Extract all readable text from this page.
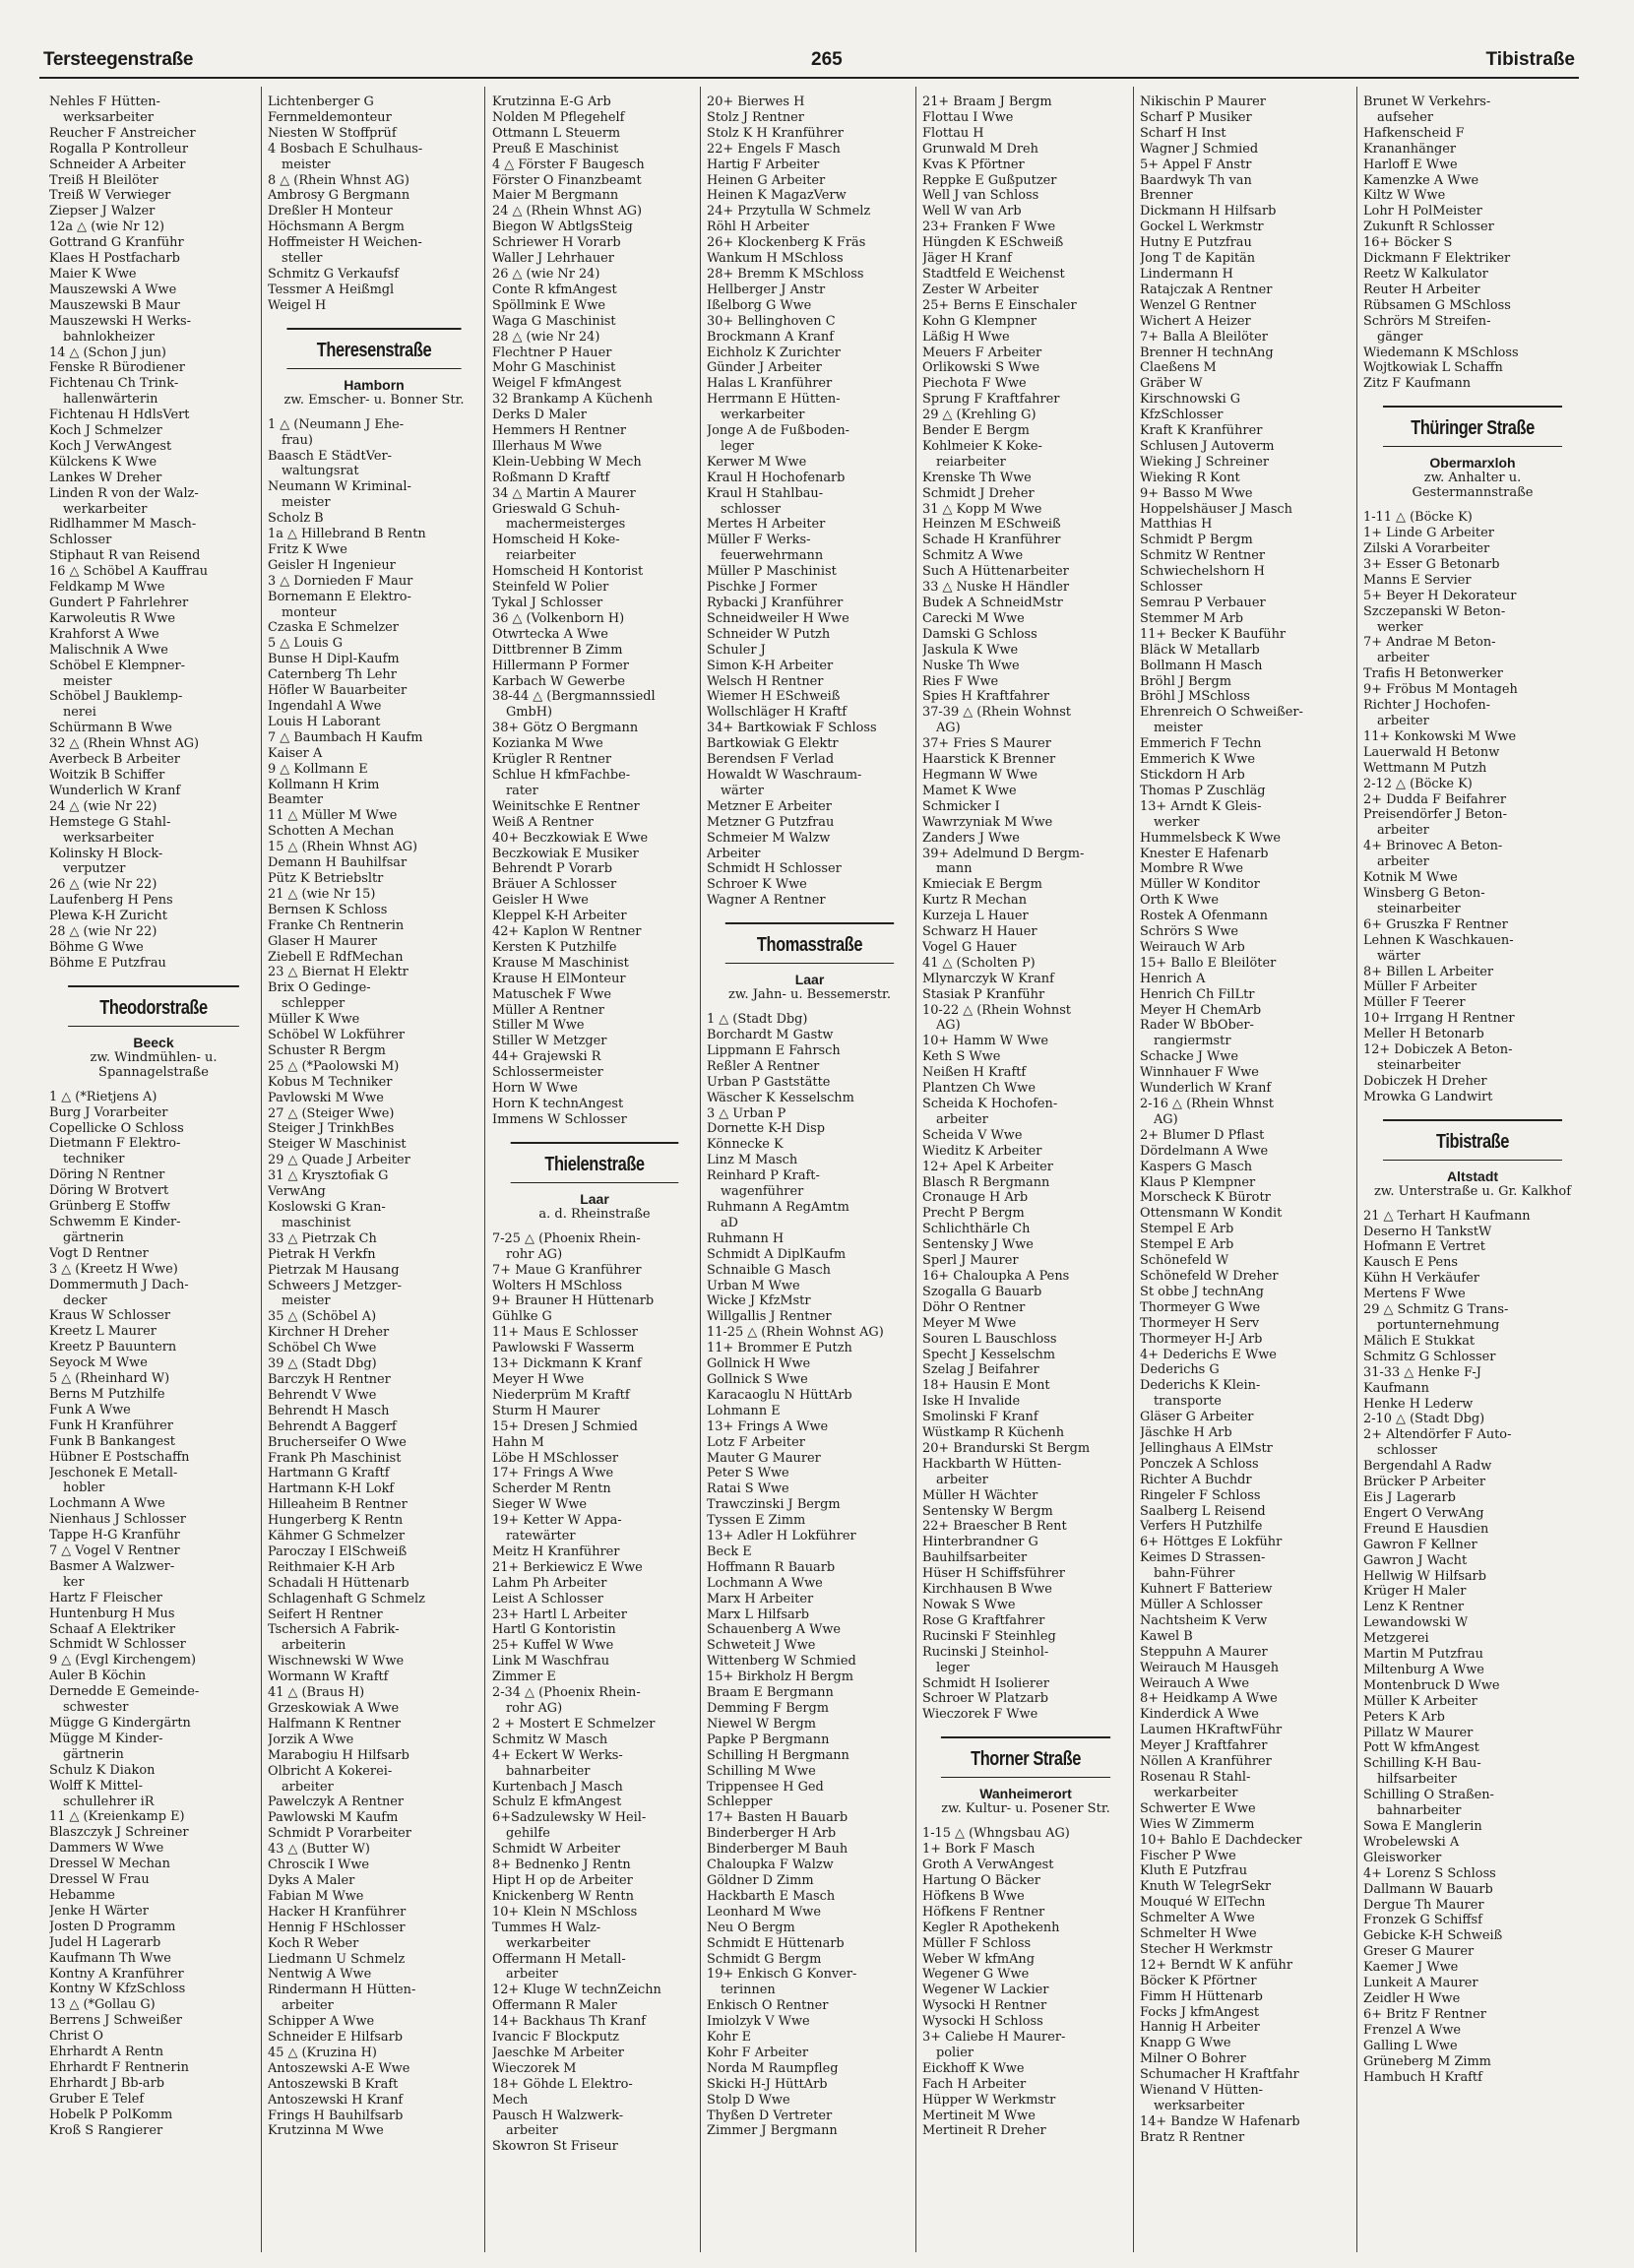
Tersteegenstraße	265	Tibistraße
Nehles F Hütten-
werksarbeiter
Reucher F Anstreicher
Rogalla P Kontrolleur
Schneider A Arbeiter
Treiß H Bleilöter
Treiß W Verwieger
Ziepser J Walzer
12a △ (wie Nr 12)
Gottrand G Kranführ
Klaes H Postfacharb
Maier K Wwe
Mauszewski A Wwe
Mauszewski B Maur
Mauszewski H Werks-
bahnlokheizer
14 △ (Schon J jun)
Fenske R Bürodiener
Fichtenau Ch Trink-
hallenwärterin
Fichtenau H HdlsVert
Koch J Schmelzer
Koch J VerwAngest
Külckens K Wwe
Lankes W Dreher
Linden R von der Walz-
werkarbeiter
Ridlhammer M Masch-
Schlosser
Stiphaut R van Reisend
16 △ Schöbel A Kauffrau
Feldkamp M Wwe
Gundert P Fahrlehrer
Karwoleutis R Wwe
Krahforst A Wwe
Malischnik A Wwe
Schöbel E Klempner-
meister
Schöbel J Bauklemp-
nerei
Schürmann B Wwe
32 △ (Rhein Whnst AG)
Averbeck B Arbeiter
Woitzik B Schiffer
Wunderlich W Kranf
24 △ (wie Nr 22)
Hemstege G Stahl-
werksarbeiter
Kolinsky H Block-
verputzer
26 △ (wie Nr 22)
Laufenberg H Pens
Plewa K-H Zuricht
28 △ (wie Nr 22)
Böhme G Wwe
Böhme E Putzfrau
Theodorstraße
Beeck
zw. Windmühlen- u. Spannagelstraße
1 △ (*Rietjens A)
Burg J Vorarbeiter
Copellicke O Schloss
Dietmann F Elektro-
techniker
Döring N Rentner
Döring W Brotvert
Grünberg E Stoffw
Schwemm E Kinder-
gärtnerin
Vogt D Rentner
3 △ (Kreetz H Wwe)
Dommermuth J Dach-
decker
Kraus W Schlosser
Kreetz L Maurer
Kreetz P Bauuntern
Seyock M Wwe
5 △ (Rheinhard W)
Berns M Putzhilfe
Funk A Wwe
Funk H Kranführer
Funk B Bankangest
Hübner E Postschaffn
Jeschonek E Metall-
hobler
Lochmann A Wwe
Nienhaus J Schlosser
Tappe H-G Kranführ
7 △ Vogel V Rentner
Basmer A Walzwer-
ker
Hartz F Fleischer
Huntenburg H Mus
Schaaf A Elektriker
Schmidt W Schlosser
9 △ (Evgl Kirchengem)
Auler B Köchin
Dernedde E Gemeinde-
schwester
Mügge G Kindergärtn
Mügge M Kinder-
gärtnerin
Schulz K Diakon
Wolff K Mittel-
schullehrer iR
11 △ (Kreienkamp E)
Blaszczyk J Schreiner
Dammers W Wwe
Dressel W Mechan
Dressel W Frau
Hebamme
Jenke H Wärter
Josten D Programm
Judel H Lagerarb
Kaufmann Th Wwe
Kontny A Kranführer
Kontny W KfzSchloss
13 △ (*Gollau G)
Berrens J Schweißer
Christ O
Ehrhardt A Rentn
Ehrhardt F Rentnerin
Ehrhardt J Bb-arb
Gruber E Telef
Hobelk P PolKomm
Kroß S Rangierer
Lichtenberger G
Fernmeldemonteur
Niesten W Stoffprüf
4 Bosbach E Schulhaus-
meister
8 △ (Rhein Whnst AG)
Ambrosy G Bergmann
Dreßler H Monteur
Höchsmann A Bergm
Hoffmeister H Weichen-
steller
Schmitz G Verkaufsf
Tessmer A Heißmgl
Weigel H
Theresenstraße
Hamborn
zw. Emscher- u. Bonner Str.
1 △ (Neumann J Ehe-
frau)
Baasch E StädtVer-
waltungsrat
Neumann W Kriminal-
meister
Scholz B
1a △ Hillebrand B Rentn
Fritz K Wwe
Geisler H Ingenieur
3 △ Dornieden F Maur
Bornemann E Elektro-
monteur
Czaska E Schmelzer
5 △ Louis G
Bunse H Dipl-Kaufm
Caternberg Th Lehr
Höfler W Bauarbeiter
Ingendahl A Wwe
Louis H Laborant
7 △ Baumbach H Kaufm
Kaiser A
9 △ Kollmann E
Kollmann H Krim
Beamter
11 △ Müller M Wwe
Schotten A Mechan
15 △ (Rhein Whnst AG)
Demann H Bauhilfsar
Pütz K Betriebsltr
21 △ (wie Nr 15)
Bernsen K Schloss
Franke Ch Rentnerin
Glaser H Maurer
Ziebell E RdfMechan
23 △ Biernat H Elektr
Brix O Gedinge-
schlepper
Müller K Wwe
Schöbel W Lokführer
Schuster R Bergm
25 △ (*Paolowski M)
Kobus M Techniker
Pavlowski M Wwe
27 △ (Steiger Wwe)
Steiger J TrinkhBes
Steiger W Maschinist
29 △ Quade J Arbeiter
31 △ Krysztofiak G
VerwAng
Koslowski G Kran-
maschinist
33 △ Pietrzak Ch
Pietrak H Verkfn
Pietrzak M Hausang
Schweers J Metzger-
meister
35 △ (Schöbel A)
Kirchner H Dreher
Schöbel Ch Wwe
39 △ (Stadt Dbg)
Barczyk H Rentner
Behrendt V Wwe
Behrendt H Masch
Behrendt A Baggerf
Brucherseifer O Wwe
Frank Ph Maschinist
Hartmann G Kraftf
Hartmann K-H Lokf
Hilleaheim B Rentner
Hungerberg K Rentn
Kähmer G Schmelzer
Paroczay I ElSchweiß
Reithmaier K-H Arb
Schadali H Hüttenarb
Schlagenhaft G Schmelz
Seifert H Rentner
Tschersich A Fabrik-
arbeiterin
Wischnewski W Wwe
Wormann W Kraftf
41 △ (Braus H)
Grzeskowiak A Wwe
Halfmann K Rentner
Jorzik A Wwe
Marabogiu H Hilfsarb
Olbricht A Kokerei-
arbeiter
Pawelczyk A Rentner
Pawlowski M Kaufm
Schmidt P Vorarbeiter
43 △ (Butter W)
Chroscik I Wwe
Dyks A Maler
Fabian M Wwe
Hacker H Kranführer
Hennig F HSchlosser
Koch R Weber
Liedmann U Schmelz
Nentwig A Wwe
Rindermann H Hütten-
arbeiter
Schipper A Wwe
Schneider E Hilfsarb
45 △ (Kruzina H)
Antoszewski A-E Wwe
Antoszewski B Kraft
Antoszewski H Kranf
Frings H Bauhilfsarb
Krutzinna M Wwe
Krutzinna E-G Arb
Nolden M Pflegehelf
Ottmann L Steuerm
Preuß E Maschinist
4 △ Förster F Baugesch
Förster O Finanzbeamt
Maier M Bergmann
24 △ (Rhein Whnst AG)
Biegon W AbtlgsSteig
Schriewer H Vorarb
Waller J Lehrhauer
26 △ (wie Nr 24)
Conte R kfmAngest
Spöllmink E Wwe
Waga G Maschinist
28 △ (wie Nr 24)
Flechtner P Hauer
Mohr G Maschinist
Weigel F kfmAngest
32 Brankamp A Küchenh
Derks D Maler
Hemmers H Rentner
Illerhaus M Wwe
Klein-Uebbing W Mech
Roßmann D Kraftf
34 △ Martin A Maurer
Grieswald G Schuh-
machermeisterges
Homscheid H Koke-
reiarbeiter
Homscheid H Kontorist
Steinfeld W Polier
Tykal J Schlosser
36 △ (Volkenborn H)
Otwrtecka A Wwe
Dittbrenner B Zimm
Hillermann P Former
Karbach W Gewerbe
38-44 △ (Bergmannssiedl
GmbH)
38+ Götz O Bergmann
Kozianka M Wwe
Krügler R Rentner
Schlue H kfmFachbe-
rater
Weinitschke E Rentner
Weiß A Rentner
40+ Beczkowiak E Wwe
Beczkowiak E Musiker
Behrendt P Vorarb
Bräuer A Schlosser
Geisler H Wwe
Kleppel K-H Arbeiter
42+ Kaplon W Rentner
Kersten K Putzhilfe
Krause M Maschinist
Krause H ElMonteur
Matuschek F Wwe
Müller A Rentner
Stiller M Wwe
Stiller W Metzger
44+ Grajewski R
Schlossermeister
Horn W Wwe
Horn K technAngest
Immens W Schlosser
Thielenstraße
Laar
a. d. Rheinstraße
7-25 △ (Phoenix Rhein-
rohr AG)
7+ Maue G Kranführer
Wolters H MSchloss
9+ Brauner H Hüttenarb
Gühlke G
11+ Maus E Schlosser
Pawlowski F Wasserm
13+ Dickmann K Kranf
Meyer H Wwe
Niederprüm M Kraftf
Sturm H Maurer
15+ Dresen J Schmied
Hahn M
Löbe H MSchlosser
17+ Frings A Wwe
Scherder M Rentn
Sieger W Wwe
19+ Ketter W Appa-
ratewärter
Meitz H Kranführer
21+ Berkiewicz E Wwe
Lahm Ph Arbeiter
Leist A Schlosser
23+ Hartl L Arbeiter
Hartl G Kontoristin
25+ Kuffel W Wwe
Link M Waschfrau
Zimmer E
2-34 △ (Phoenix Rhein-
rohr AG)
2 + Mostert E Schmelzer
Schmitz W Masch
4+ Eckert W Werks-
bahnarbeiter
Kurtenbach J Masch
Schulz E kfmAngest
6+Sadzulewsky W Heil-
gehilfe
Schmidt W Arbeiter
8+ Bednenko J Rentn
Hipt H op de Arbeiter
Knickenberg W Rentn
10+ Klein N MSchloss
Tummes H Walz-
werkarbeiter
Offermann H Metall-
arbeiter
12+ Kluge W technZeichn
Offermann R Maler
14+ Backhaus Th Kranf
Ivancic F Blockputz
Jaeschke M Arbeiter
Wieczorek M
18+ Göhde L Elektro-
Mech
Pausch H Walzwerk-
arbeiter
Skowron St Friseur
20+ Bierwes H
Stolz J Rentner
Stolz K H Kranführer
22+ Engels F Masch
Hartig F Arbeiter
Heinen G Arbeiter
Heinen K MagazVerw
24+ Przytulla W Schmelz
Röhl H Arbeiter
26+ Klockenberg K Fräs
Wankum H MSchloss
28+ Bremm K MSchloss
Hellberger J Anstr
Ißelborg G Wwe
30+ Bellinghoven C
Brockmann A Kranf
Eichholz K Zurichter
Günder J Arbeiter
Halas L Kranführer
Herrmann E Hütten-
werkarbeiter
Jonge A de Fußboden-
leger
Kerwer M Wwe
Kraul H Hochofenarb
Kraul H Stahlbau-
schlosser
Mertes H Arbeiter
Müller F Werks-
feuerwehrmann
Müller P Maschinist
Pischke J Former
Rybacki J Kranführer
Schneidweiler H Wwe
Schneider W Putzh
Schuler J
Simon K-H Arbeiter
Welsch H Rentner
Wiemer H ESchweiß
Wollschläger H Kraftf
34+ Bartkowiak F Schloss
Bartkowiak G Elektr
Berendsen F Verlad
Howaldt W Waschraum-
wärter
Metzner E Arbeiter
Metzner G Putzfrau
Schmeier M Walzw
Arbeiter
Schmidt H Schlosser
Schroer K Wwe
Wagner A Rentner
Thomasstraße
Laar
zw. Jahn- u. Bessemerstr.
1 △ (Stadt Dbg)
Borchardt M Gastw
Lippmann E Fahrsch
Reßler A Rentner
Urban P Gaststätte
Wäscher K Kesselschm
3 △ Urban P
Dornette K-H Disp
Könnecke K
Linz M Masch
Reinhard P Kraft-
wagenführer
Ruhmann A RegAmtm
aD
Ruhmann H
Schmidt A DiplKaufm
Schnaible G Masch
Urban M Wwe
Wicke J KfzMstr
Willgallis J Rentner
11-25 △ (Rhein Wohnst AG)
11+ Brommer E Putzh
Gollnick H Wwe
Gollnick S Wwe
Karacaoglu N HüttArb
Lohmann E
13+ Frings A Wwe
Lotz F Arbeiter
Mauter G Maurer
Peter S Wwe
Ratai S Wwe
Trawczinski J Bergm
Tyssen E Zimm
13+ Adler H Lokführer
Beck E
Hoffmann R Bauarb
Lochmann A Wwe
Marx H Arbeiter
Marx L Hilfsarb
Schauenberg A Wwe
Schweteit J Wwe
Wittenberg W Schmied
15+ Birkholz H Bergm
Braam E Bergmann
Demming F Bergm
Niewel W Bergm
Papke P Bergmann
Schilling H Bergmann
Schilling M Wwe
Trippensee H Ged
Schlepper
17+ Basten H Bauarb
Binderberger H Arb
Binderberger M Bauh
Chaloupka F Walzw
Göldner D Zimm
Hackbarth E Masch
Leonhard M Wwe
Neu O Bergm
Schmidt E Hüttenarb
Schmidt G Bergm
19+ Enkisch G Konver-
terinnen
Enkisch O Rentner
Imiolzyk V Wwe
Kohr E
Kohr F Arbeiter
Norda M Raumpfleg
Skicki H-J HüttArb
Stolp D Wwe
Thyßen D Vertreter
Zimmer J Bergmann
21+ Braam J Bergm
Flottau I Wwe
Flottau H
Grunwald M Dreh
Kvas K Pförtner
Reppke E Gußputzer
Well J van Schloss
Well W van Arb
23+ Franken F Wwe
Hüngden K ESchweiß
Jäger H Kranf
Stadtfeld E Weichenst
Zester W Arbeiter
25+ Berns E Einschaler
Kohn G Klempner
Läßig H Wwe
Meuers F Arbeiter
Orlikowski S Wwe
Piechota F Wwe
Sprung F Kraftfahrer
29 △ (Krehling G)
Bender E Bergm
Kohlmeier K Koke-
reiarbeiter
Krenske Th Wwe
Schmidt J Dreher
31 △ Kopp M Wwe
Heinzen M ESchweiß
Schade H Kranführer
Schmitz A Wwe
Such A Hüttenarbeiter
33 △ Nuske H Händler
Budek A SchneidMstr
Carecki M Wwe
Damski G Schloss
Jaskula K Wwe
Nuske Th Wwe
Ries F Wwe
Spies H Kraftfahrer
37-39 △ (Rhein Wohnst
AG)
37+ Fries S Maurer
Haarstick K Brenner
Hegmann W Wwe
Mamet K Wwe
Schmicker I
Wawrzyniak M Wwe
Zanders J Wwe
39+ Adelmund D Bergm-
mann
Kmieciak E Bergm
Kurtz R Mechan
Kurzeja L Hauer
Schwarz H Hauer
Vogel G Hauer
41 △ (Scholten P)
Mlynarczyk W Kranf
Stasiak P Kranführ
10-22 △ (Rhein Wohnst
AG)
10+ Hamm W Wwe
Keth S Wwe
Neißen H Kraftf
Plantzen Ch Wwe
Scheida K Hochofen-
arbeiter
Scheida V Wwe
Wieditz K Arbeiter
12+ Apel K Arbeiter
Blasch R Bergmann
Cronauge H Arb
Precht P Bergm
Schlichthärle Ch
Sentensky J Wwe
Sperl J Maurer
16+ Chaloupka A Pens
Szogalla G Bauarb
Döhr O Rentner
Meyer M Wwe
Souren L Bauschloss
Specht J Kesselschm
Szelag J Beifahrer
18+ Hausin E Mont
Iske H Invalide
Smolinski F Kranf
Wüstkamp R Küchenh
20+ Brandurski St Bergm
Hackbarth W Hütten-
arbeiter
Müller H Wächter
Sentensky W Bergm
22+ Braescher B Rent
Hinterbrandner G
Bauhilfsarbeiter
Hüser H Schiffsführer
Kirchhausen B Wwe
Nowak S Wwe
Rose G Kraftfahrer
Rucinski F Steinhleg
Rucinski J Steinhol-
leger
Schmidt H Isolierer
Schroer W Platzarb
Wieczorek F Wwe
Thorner Straße
Wanheimerort
zw. Kultur- u. Posener Str.
1-15 △ (Whngsbau AG)
1+ Bork F Masch
Groth A VerwAngest
Hartung O Bäcker
Höfkens B Wwe
Höfkens F Rentner
Kegler R Apothekenh
Müller F Schloss
Weber W kfmAng
Wegener G Wwe
Wegener W Lackier
Wysocki H Rentner
Wysocki H Schloss
3+ Caliebe H Maurer-
polier
Eickhoff K Wwe
Fach H Arbeiter
Hüpper W Werkmstr
Mertineit M Wwe
Mertineit R Dreher
Nikischin P Maurer
Scharf P Musiker
Scharf H Inst
Wagner J Schmied
5+ Appel F Anstr
Baardwyk Th van
Brenner
Dickmann H Hilfsarb
Gockel L Werkmstr
Hutny E Putzfrau
Jong T de Kapitän
Lindermann H
Ratajczak A Rentner
Wenzel G Rentner
Wichert A Heizer
7+ Balla A Bleilöter
Brenner H technAng
Claeßens M
Gräber W
Kirschnowski G
KfzSchlosser
Kraft K Kranführer
Schlusen J Autoverm
Wieking J Schreiner
Wieking R Kont
9+ Basso M Wwe
Hoppelshäuser J Masch
Matthias H
Schmidt P Bergm
Schmitz W Rentner
Schwiechelshorn H
Schlosser
Semrau P Verbauer
Stemmer M Arb
11+ Becker K Bauführ
Bläck W Metallarb
Bollmann H Masch
Bröhl J Bergm
Bröhl J MSchloss
Ehrenreich O Schweißer-
meister
Emmerich F Techn
Emmerich K Wwe
Stickdorn H Arb
Thomas P Zuschläg
13+ Arndt K Gleis-
werker
Hummelsbeck K Wwe
Knester E Hafenarb
Mombre R Wwe
Müller W Konditor
Orth K Wwe
Rostek A Ofenmann
Schrörs S Wwe
Weirauch W Arb
15+ Ballo E Bleilöter
Henrich A
Henrich Ch FilLtr
Meyer H ChemArb
Rader W BbOber-
rangiermstr
Schacke J Wwe
Winnhauer F Wwe
Wunderlich W Kranf
2-16 △ (Rhein Whnst
AG)
2+ Blumer D Pflast
Dördelmann A Wwe
Kaspers G Masch
Klaus P Klempner
Morscheck K Bürotr
Ottensmann W Kondit
Stempel E Arb
Stempel E Arb
Schönefeld W
Schönefeld W Dreher
St obbe J technAng
Thormeyer G Wwe
Thormeyer H Serv
Thormeyer H-J Arb
4+ Dederichs E Wwe
Dederichs G
Dederichs K Klein-
transporte
Gläser G Arbeiter
Jäschke H Arb
Jellinghaus A ElMstr
Ponczek A Schloss
Richter A Buchdr
Ringeler F Schloss
Saalberg L Reisend
Verfers H Putzhilfe
6+ Höttges E Lokführ
Keimes D Strassen-
bahn-Führer
Kuhnert F Batteriew
Müller A Schlosser
Nachtsheim K Verw
Kawel B
Steppuhn A Maurer
Weirauch M Hausgeh
Weirauch A Wwe
8+ Heidkamp A Wwe
Kinderdick A Wwe
Laumen HKraftwFühr
Meyer J Kraftfahrer
Nöllen A Kranführer
Rosenau R Stahl-
werkarbeiter
Schwerter E Wwe
Wies W Zimmerm
10+ Bahlo E Dachdecker
Fischer P Wwe
Kluth E Putzfrau
Knuth W TelegrSekr
Mouqué W ElTechn
Schmelter A Wwe
Schmelter H Wwe
Stecher H Werkmstr
12+ Berndt W K anführ
Böcker K Pförtner
Fimm H Hüttenarb
Focks J kfmAngest
Hannig H Arbeiter
Knapp G Wwe
Milner O Bohrer
Schumacher H Kraftfahr
Wienand V Hütten-
werksarbeiter
14+ Bandze W Hafenarb
Bratz R Rentner
Brunet W Verkehrs-
aufseher
Hafkenscheid F
Krananhänger
Harloff E Wwe
Kamenzke A Wwe
Kiltz W Wwe
Lohr H PolMeister
Zukunft R Schlosser
16+ Böcker S
Dickmann F Elektriker
Reetz W Kalkulator
Reuter H Arbeiter
Rübsamen G MSchloss
Schrörs M Streifen-
gänger
Wiedemann K MSchloss
Wojtkowiak L Schaffn
Zitz F Kaufmann
Thüringer Straße
Obermarxloh
zw. Anhalter u. Gestermannstraße
1-11 △ (Böcke K)
1+ Linde G Arbeiter
Zilski A Vorarbeiter
3+ Esser G Betonarb
Manns E Servier
5+ Beyer H Dekorateur
Szczepanski W Beton-
werker
7+ Andrae M Beton-
arbeiter
Trafis H Betonwerker
9+ Fröbus M Montageh
Richter J Hochofen-
arbeiter
11+ Konkowski M Wwe
Lauerwald H Betonw
Wettmann M Putzh
2-12 △ (Böcke K)
2+ Dudda F Beifahrer
Preisendörfer J Beton-
arbeiter
4+ Brinovec A Beton-
arbeiter
Kotnik M Wwe
Winsberg G Beton-
steinarbeiter
6+ Gruszka F Rentner
Lehnen K Waschkauen-
wärter
8+ Billen L Arbeiter
Müller F Arbeiter
Müller F Teerer
10+ Irrgang H Rentner
Meller H Betonarb
12+ Dobiczek A Beton-
steinarbeiter
Dobiczek H Dreher
Mrowka G Landwirt
Tibistraße
Altstadt
zw. Unterstraße u. Gr. Kalkhof
21 △ Terhart H Kaufmann
Deserno H TankstW
Hofmann E Vertret
Kausch E Pens
Kühn H Verkäufer
Mertens F Wwe
29 △ Schmitz G Trans-
portunternehmung
Mälich E Stukkat
Schmitz G Schlosser
31-33 △ Henke F-J
Kaufmann
Henke H Lederw
2-10 △ (Stadt Dbg)
2+ Altendörfer F Auto-
schlosser
Bergendahl A Radw
Brücker P Arbeiter
Eis J Lagerarb
Engert O VerwAng
Freund E Hausdien
Gawron F Kellner
Gawron J Wacht
Hellwig W Hilfsarb
Krüger H Maler
Lenz K Rentner
Lewandowski W
Metzgerei
Martin M Putzfrau
Miltenburg A Wwe
Montenbruck D Wwe
Müller K Arbeiter
Peters K Arb
Pillatz W Maurer
Pott W kfmAngest
Schilling K-H Bau-
hilfsarbeiter
Schilling O Straßen-
bahnarbeiter
Sowa E Manglerin
Wrobelewski A
Gleisworker
4+ Lorenz S Schloss
Dallmann W Bauarb
Dergue Th Maurer
Fronzek G Schiffsf
Gebicke K-H Schweiß
Greser G Maurer
Kaemer J Wwe
Lunkeit A Maurer
Zeidler H Wwe
6+ Britz F Rentner
Frenzel A Wwe
Galling L Wwe
Grüneberg M Zimm
Hambuch H Kraftf
